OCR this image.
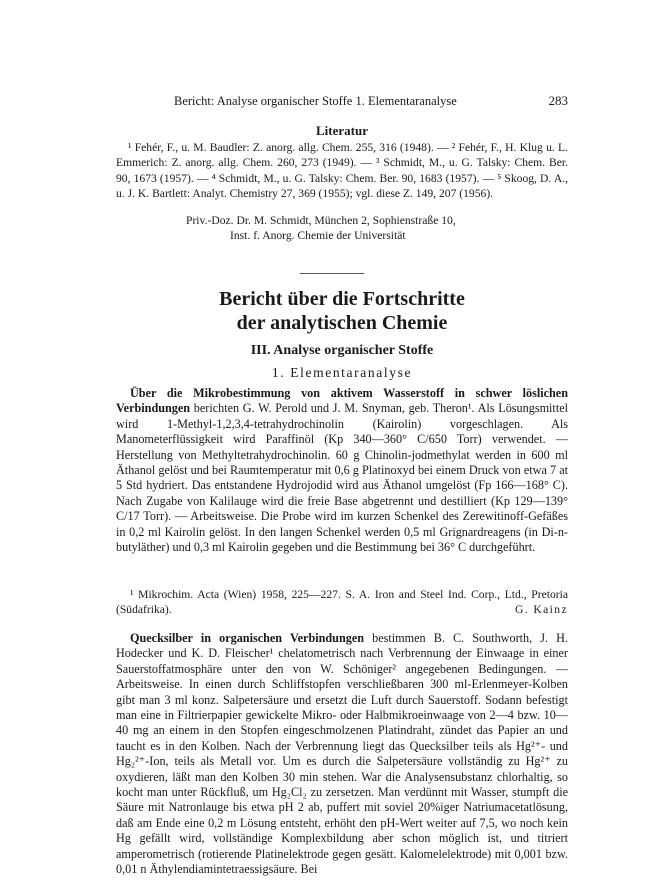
Bericht: Analyse organischer Stoffe 1. Elementaranalyse	283
Literatur

¹ Fehér, F., u. M. Baudler: Z. anorg. allg. Chem. 255, 316 (1948). — ² Fehér, F., H. Klug u. L. Emmerich: Z. anorg. allg. Chem. 260, 273 (1949). — ³ Schmidt, M., u. G. Talsky: Chem. Ber. 90, 1673 (1957). — ⁴ Schmidt, M., u. G. Talsky: Chem. Ber. 90, 1683 (1957). — ⁵ Skoog, D. A., u. J. K. Bartlett: Analyt. Chemistry 27, 369 (1955); vgl. diese Z. 149, 207 (1956).

Priv.-Doz. Dr. M. Schmidt, München 2, Sophienstraße 10,
Inst. f. Anorg. Chemie der Universität
Bericht über die Fortschritte
der analytischen Chemie
III. Analyse organischer Stoffe
1. Elementaranalyse

Über die Mikrobestimmung von aktivem Wasserstoff in schwer löslichen Verbindungen berichten G. W. Perold und J. M. Snyman, geb. Theron¹. Als Lösungsmittel wird 1-Methyl-1,2,3,4-tetrahydrochinolin (Kairolin) vorgeschlagen. Als Manometerflüssigkeit wird Paraffinöl (Kp 340—360° C/650 Torr) verwendet. — Herstellung von Methyltetrahydrochinolin. 60 g Chinolin-jodmethylat werden in 600 ml Äthanol gelöst und bei Raumtemperatur mit 0,6 g Platinoxyd bei einem Druck von etwa 7 at 5 Std hydriert. Das entstandene Hydrojodid wird aus Äthanol umgelöst (Fp 166—168° C). Nach Zugabe von Kalilauge wird die freie Base abgetrennt und destilliert (Kp 129—139° C/17 Torr). — Arbeitsweise. Die Probe wird im kurzen Schenkel des Zerewitinoff-Gefäßes in 0,2 ml Kairolin gelöst. In den langen Schenkel werden 0,5 ml Grignardreagens (in Di-n-butyläther) und 0,3 ml Kairolin gegeben und die Bestimmung bei 36° C durchgeführt.

¹ Mikrochim. Acta (Wien) 1958, 225—227. S. A. Iron and Steel Ind. Corp., Ltd., Pretoria (Südafrika).	G. Kainz

Quecksilber in organischen Verbindungen bestimmen B. C. Southworth, J. H. Hodecker und K. D. Fleischer¹ chelatometrisch nach Verbrennung der Einwaage in einer Sauerstoffatmosphäre unter den von W. Schöniger² angegebenen Bedingungen. — Arbeitsweise. In einen durch Schliffstopfen verschließbaren 300 ml-Erlenmeyer-Kolben gibt man 3 ml konz. Salpetersäure und ersetzt die Luft durch Sauerstoff. Sodann befestigt man eine in Filtrierpapier gewickelte Mikro- oder Halbmikroeinwaage von 2—4 bzw. 10—40 mg an einem in den Stopfen eingeschmolzenen Platindraht, zündet das Papier an und taucht es in den Kolben. Nach der Verbrennung liegt das Quecksilber teils als Hg²⁺- und Hg₂²⁺-Ion, teils als Metall vor. Um es durch die Salpetersäure vollständig zu Hg²⁺ zu oxydieren, läßt man den Kolben 30 min stehen. War die Analysensubstanz chlorhaltig, so kocht man unter Rückfluß, um Hg₂Cl₂ zu zersetzen. Man verdünnt mit Wasser, stumpft die Säure mit Natronlauge bis etwa pH 2 ab, puffert mit soviel 20%iger Natriumacetatlösung, daß am Ende eine 0,2 m Lösung entsteht, erhöht den pH-Wert weiter auf 7,5, wo noch kein Hg gefällt wird, vollständige Komplexbildung aber schon möglich ist, und titriert amperometrisch (rotierende Platinelektrode gegen gesätt. Kalomelelektrode) mit 0,001 bzw. 0,01 n Äthylendiamintetraessigsäure. Bei
